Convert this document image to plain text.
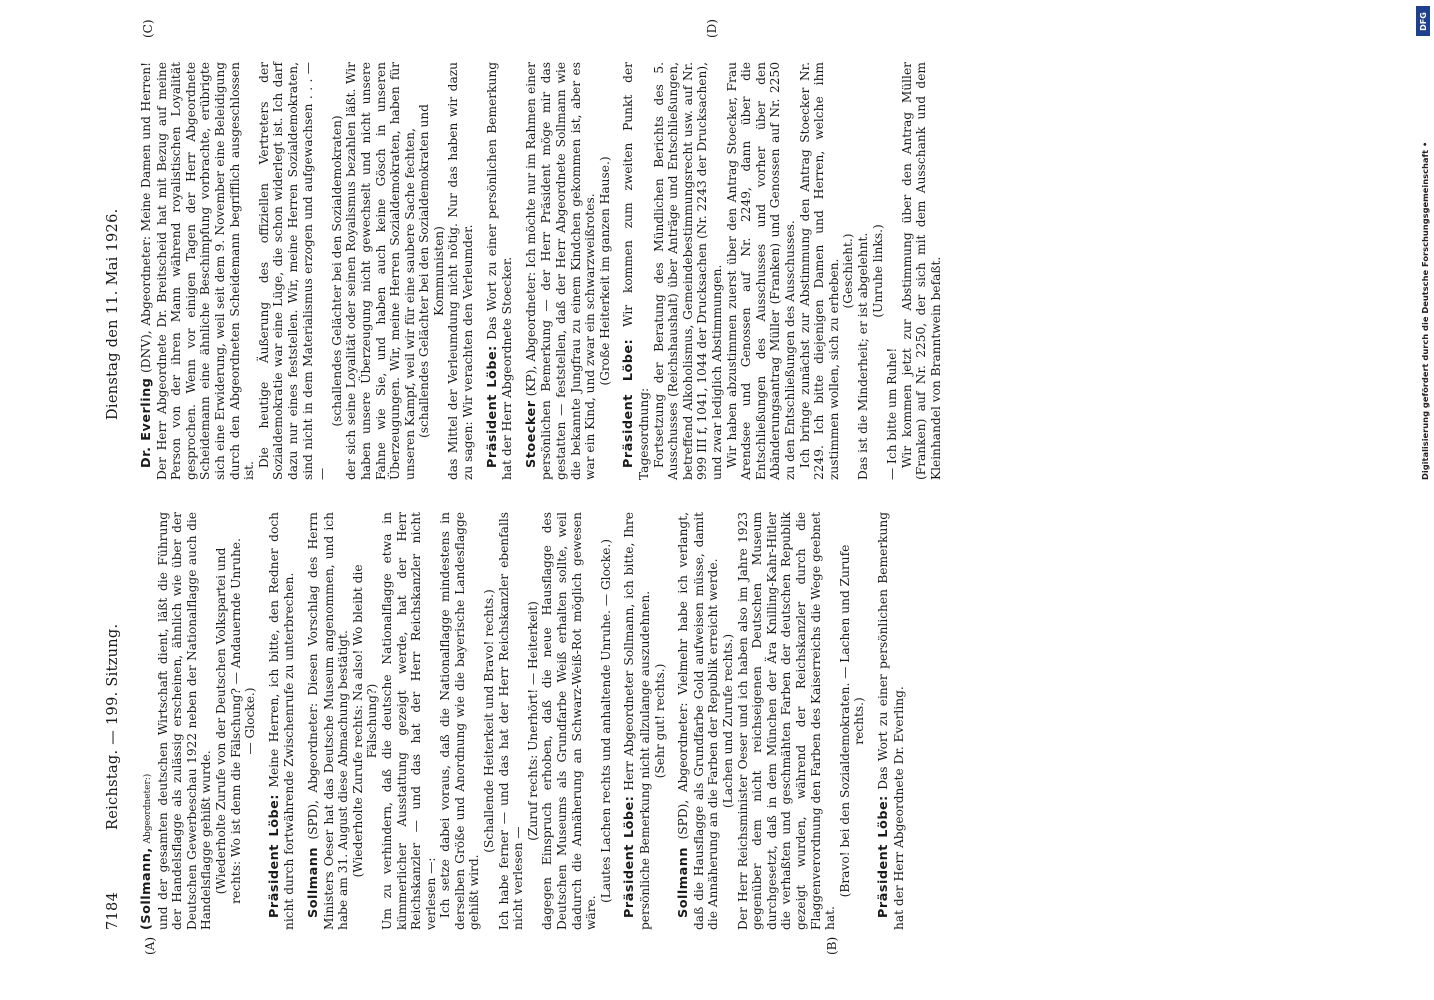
7184
Reichstag. — 199. Sitzung.
Dienstag den 11. Mai 1926.
(A)	(B)
(C)	(D)

(Sollmann, Abgeordneter:) und der gesamten deutschen Wirtschaft dient, läßt die Führung der Handelsflagge als zulässig erscheinen, ähnlich wie über der Deutschen Gewerbeschau 1922 neben der Nationalflagge auch die Handelsflagge gehißt wurde. (Wiederholte Zurufe von der Deutschen Volkspartei und rechts: Wo ist denn die Fälschung? — Andauernde Unruhe. — Glocke.)

Präsident Löbe: Meine Herren, ich bitte, den Redner doch nicht durch fortwährende Zwischenrufe zu unterbrechen. Sollmann (SPD), Abgeordneter: Diesen Vorschlag des Herrn Ministers Oeser hat das Deutsche Museum angenommen, und ich habe am 31. August diese Abmachung bestätigt. (Wiederholte Zurufe rechts: Na also! Wo bleibt die Fälschung?) Um zu verhindern, daß die deutsche Nationalflagge etwa in kümmerlicher Ausstattung gezeigt werde, hat der Herr Reichskanzler — und das hat der Herr Reichskanzler nicht verlesen —: Ich setze dabei voraus, daß die Nationalflagge mindestens in derselben Größe und Anordnung wie die bayerische Landesflagge gehißt wird.

(Schallende Heiterkeit und Bravo! rechts.) Ich habe ferner — und das hat der Herr Reichskanzler ebenfalls nicht verlesen —

(Zuruf rechts: Unerhört! — Heiterkeit) dagegen Einspruch erhoben, daß die neue Hausflagge des Deutschen Museums als Grundfarbe Weiß erhalten sollte, weil dadurch die Annäherung an Schwarz-Weiß-Rot möglich gewesen wäre.

(Lautes Lachen rechts und anhaltende Unruhe. — Glocke.) Präsident Löbe: Herr Abgeordneter Sollmann, ich bitte, Ihre persönliche Bemerkung nicht allzulange auszudehnen. (Sehr gut! rechts.)

Sollmann (SPD), Abgeordneter: Vielmehr habe ich verlangt, daß die Hausflagge als Grundfarbe Gold aufweisen müsse, damit die Annäherung an die Farben der Republik erreicht werde. (Lachen und Zurufe rechts.) Der Herr Reichsminister Oeser und ich haben also im Jahre 1923 gegenüber dem nicht reichseigenen Deutschen Museum durchgesetzt, daß in dem München der Ära Knilling-Kahr-Hitler die verhaßten und geschmähten Farben der deutschen Republik gezeigt wurden, während der Reichskanzler durch die Flaggenverordnung den Farben des Kaiserreichs die Wege geebnet hat.

(Bravo! bei den Sozialdemokraten. — Lachen und Zurufe rechts.)

Präsident Löbe: Das Wort zu einer persönlichen Bemerkung hat der Herr Abgeordnete Dr. Everling.

Dr. Everling (DNV), Abgeordneter: Meine Damen und Herren! Der Herr Abgeordnete Dr. Breitscheid hat mit Bezug auf meine Person von der ihren Mann während royalistischen Loyalität gesprochen. Wenn vor einigen Tagen der Herr Abgeordnete Scheidemann eine ähnliche Beschimpfung vorbrachte, erübrigte sich eine Erwiderung, weil seit dem 9. November eine Beleidigung durch den Abgeordneten Scheidemann begrifflich ausgeschlossen ist.

Die heutige Äußerung des offiziellen Vertreters der Sozialdemokratie war eine Lüge, die schon widerlegt ist. Ich darf dazu nur eines feststellen. Wir, meine Herren Sozialdemokraten, sind nicht in dem Materialismus erzogen und aufgewachsen . . . — —

(schallendes Gelächter bei den Sozialdemokraten) der sich seine Loyalität oder seinen Royalismus bezahlen läßt. Wir haben unsere Überzeugung nicht gewechselt und nicht unsere Fahne wie Sie, und haben auch keine Gösch in unseren Überzeugungen. Wir, meine Herren Sozialdemokraten, haben für unseren Kampf, weil wir für eine saubere Sache fechten, (schallendes Gelächter bei den Sozialdemokraten und Kommunisten) das Mittel der Verleumdung nicht nötig. Nur das haben wir dazu zu sagen: Wir verachten den Verleumder. Präsident Löbe: Das Wort zu einer persönlichen Bemerkung hat der Herr Abgeordnete Stoecker. Stoecker (KP), Abgeordneter: Ich möchte nur im Rahmen einer persönlichen Bemerkung — der Herr Präsident möge mir das gestatten — feststellen, daß der Herr Abgeordnete Sollmann wie die bekannte Jungfrau zu einem Kindchen gekommen ist, aber es war ein Kind, und zwar ein schwarzweißrotes. (Große Heiterkeit im ganzen Hause.)

Präsident Löbe: Wir kommen zum zweiten Punkt der Tagesordnung: Fortsetzung der Beratung des Mündlichen Berichts des 5. Ausschusses (Reichshaushalt) über Anträge und Entschließungen, betreffend Alkoholismus, Gemeindebestimmungsrecht usw. auf Nr. 999 III f, 1041, 1044 der Drucksachen (Nr. 2243 der Drucksachen), und zwar lediglich Abstimmungen. Wir haben abzustimmen zuerst über den Antrag Stoecker, Frau Arendsee und Genossen auf Nr. 2249, dann über die Entschließungen des Ausschusses und vorher über den Abänderungsantrag Müller (Franken) und Genossen auf Nr. 2250 zu den Entschließungen des Ausschusses. Ich bringe zunächst zur Abstimmung den Antrag Stoecker Nr. 2249. Ich bitte diejenigen Damen und Herren, welche ihm zustimmen wollen, sich zu erheben. (Geschieht.) Das ist die Minderheit; er ist abgelehnt. (Unruhe links.)

— Ich bitte um Ruhe! Wir kommen jetzt zur Abstimmung über den Antrag Müller (Franken) auf Nr. 2250, der sich mit dem Ausschank und dem Kleinhandel von Branntwein befaßt.

DFG
Digitalisierung gefördert durch die Deutsche Forschungsgemeinschaft •
